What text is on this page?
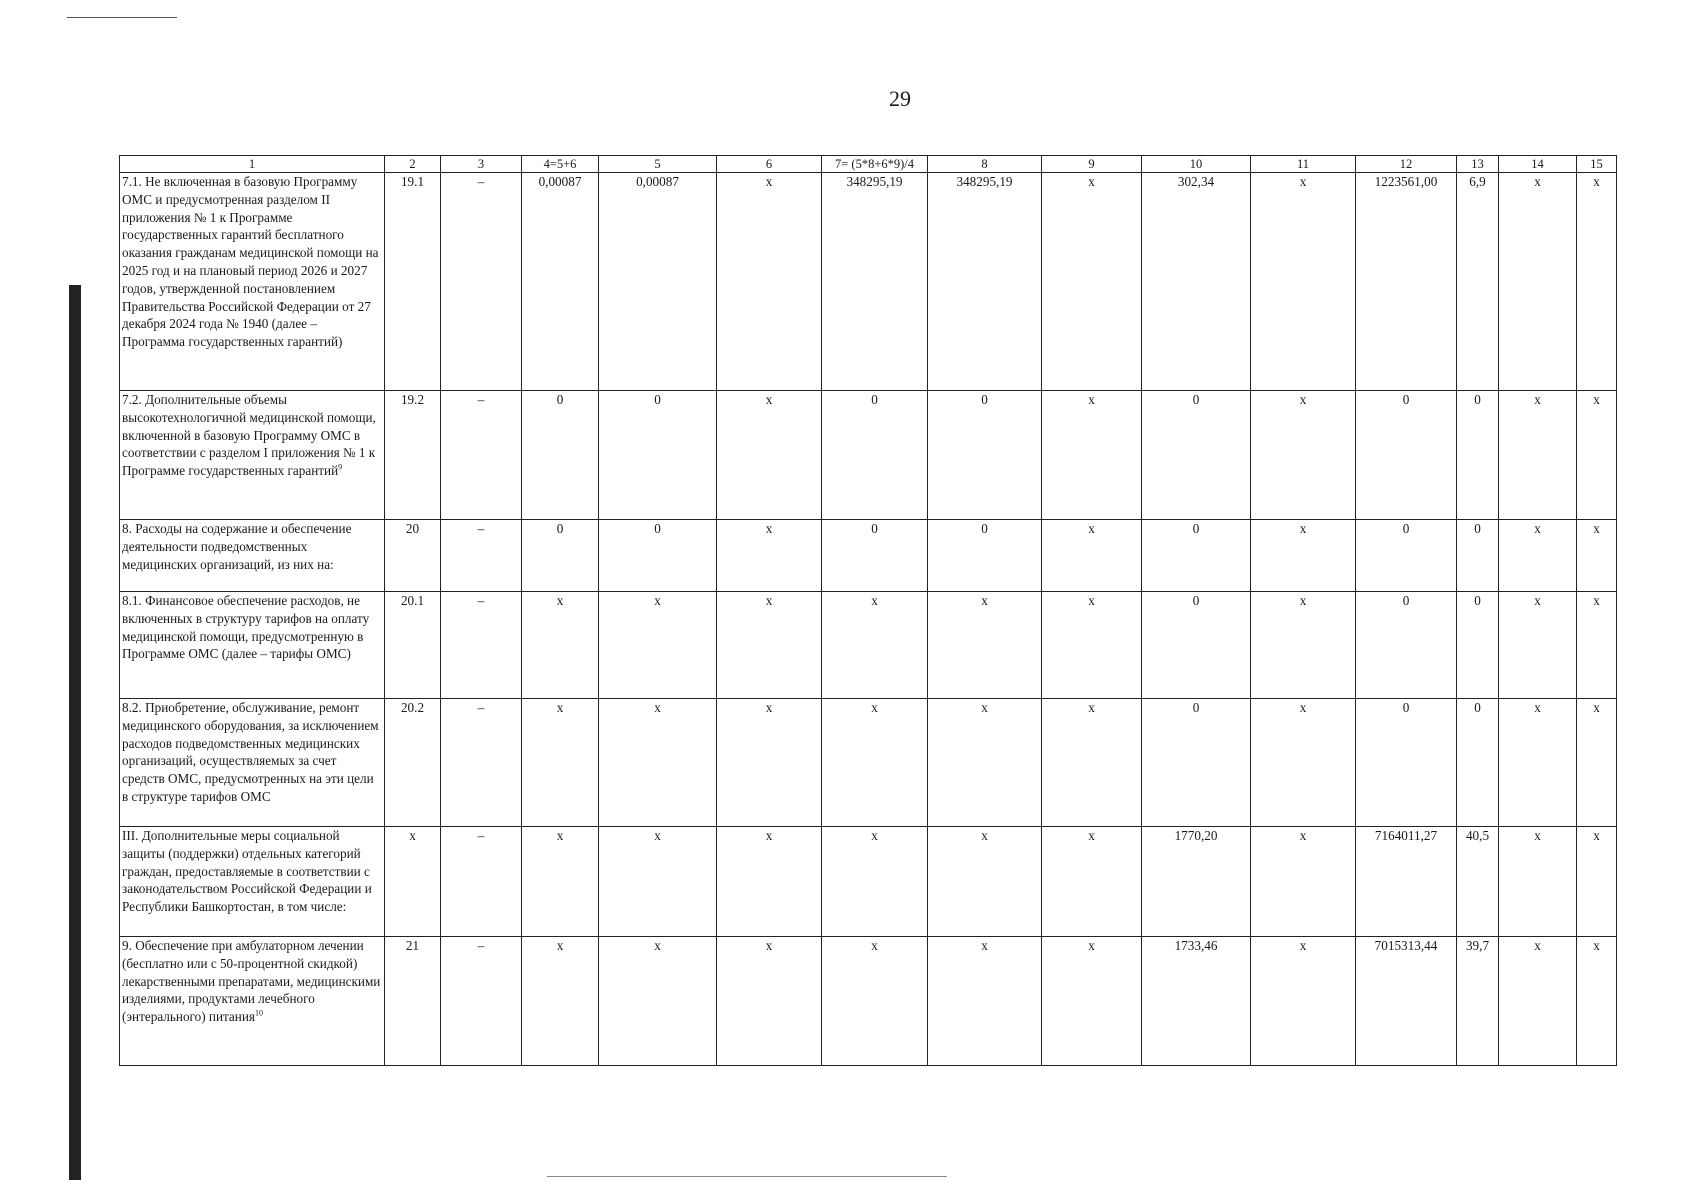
29
1	2	3	4=5+6	5	6	7= (5*8+6*9)/4	8	9	10	11	12	13	14	15
7.1. Не включенная в базовую Программу ОМС и предусмотренная разделом II приложения № 1 к Программе государственных гарантий бесплатного оказания гражданам медицинской помощи на 2025 год и на плановый период 2026 и 2027 годов, утвержденной постановлением Правительства Российской Федерации от 27 декабря 2024 года № 1940 (далее – Программа государственных гарантий)	19.1	–	0,00087	0,00087	х	348295,19	348295,19	х	302,34	х	1223561,00	6,9	х	х
7.2. Дополнительные объемы высокотехнологичной медицинской помощи, включенной в базовую Программу ОМС в соответствии с разделом I приложения № 1 к Программе государственных гарантий$^9$	19.2	–	0	0	х	0	0	х	0	х	0	0	х	х
8. Расходы на содержание и обеспечение деятельности подведомственных медицинских организаций, из них на:	20	–	0	0	х	0	0	х	0	х	0	0	х	х
8.1. Финансовое обеспечение расходов, не включенных в структуру тарифов на оплату медицинской помощи, предусмотренную в Программе ОМС (далее – тарифы ОМС)	20.1	–	х	х	х	х	х	х	0	х	0	0	х	х
8.2. Приобретение, обслуживание, ремонт медицинского оборудования, за исключением расходов подведомственных медицинских организаций, осуществляемых за счет средств ОМС, предусмотренных на эти цели в структуре тарифов ОМС	20.2	–	х	х	х	х	х	х	0	х	0	0	х	х
III. Дополнительные меры социальной защиты (поддержки) отдельных категорий граждан, предоставляемые в соответствии с законодательством Российской Федерации и Республики Башкортостан, в том числе:	х	–	х	х	х	х	х	х	1770,20	х	7164011,27	40,5	х	х
9. Обеспечение при амбулаторном лечении (бесплатно или с 50-процентной скидкой) лекарственными препаратами, медицинскими изделиями, продуктами лечебного (энтерального) питания$^{10}$	21	–	х	х	х	х	х	х	1733,46	х	7015313,44	39,7	х	х
